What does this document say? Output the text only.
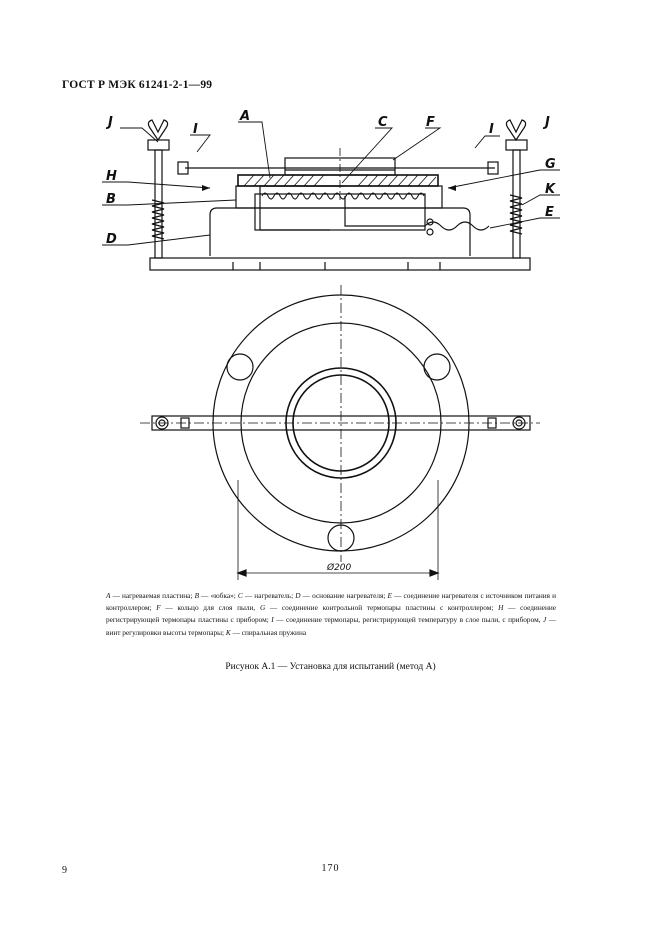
ГОСТ Р МЭК 61241-2-1—99
J	I
A	C	F	I	J
H
G
B
K
E
D
Ø200
A — нагреваемая пластина; B — «юбка»; C — нагреватель; D — основание нагревателя; E — соединение нагревателя с источником питания и контроллером; F — кольцо для слоя пыли, G — соединение контрольной термопары пластины с контроллером; H — соединение регистрирующей термопары пластины с прибором; I — соединение термопары, регистрирующей температуру в слое пыли, с прибором, J — винт регулировки высоты термопары; K — спиральная пружина
Рисунок А.1 — Установка для испытаний (метод А)
9	170
